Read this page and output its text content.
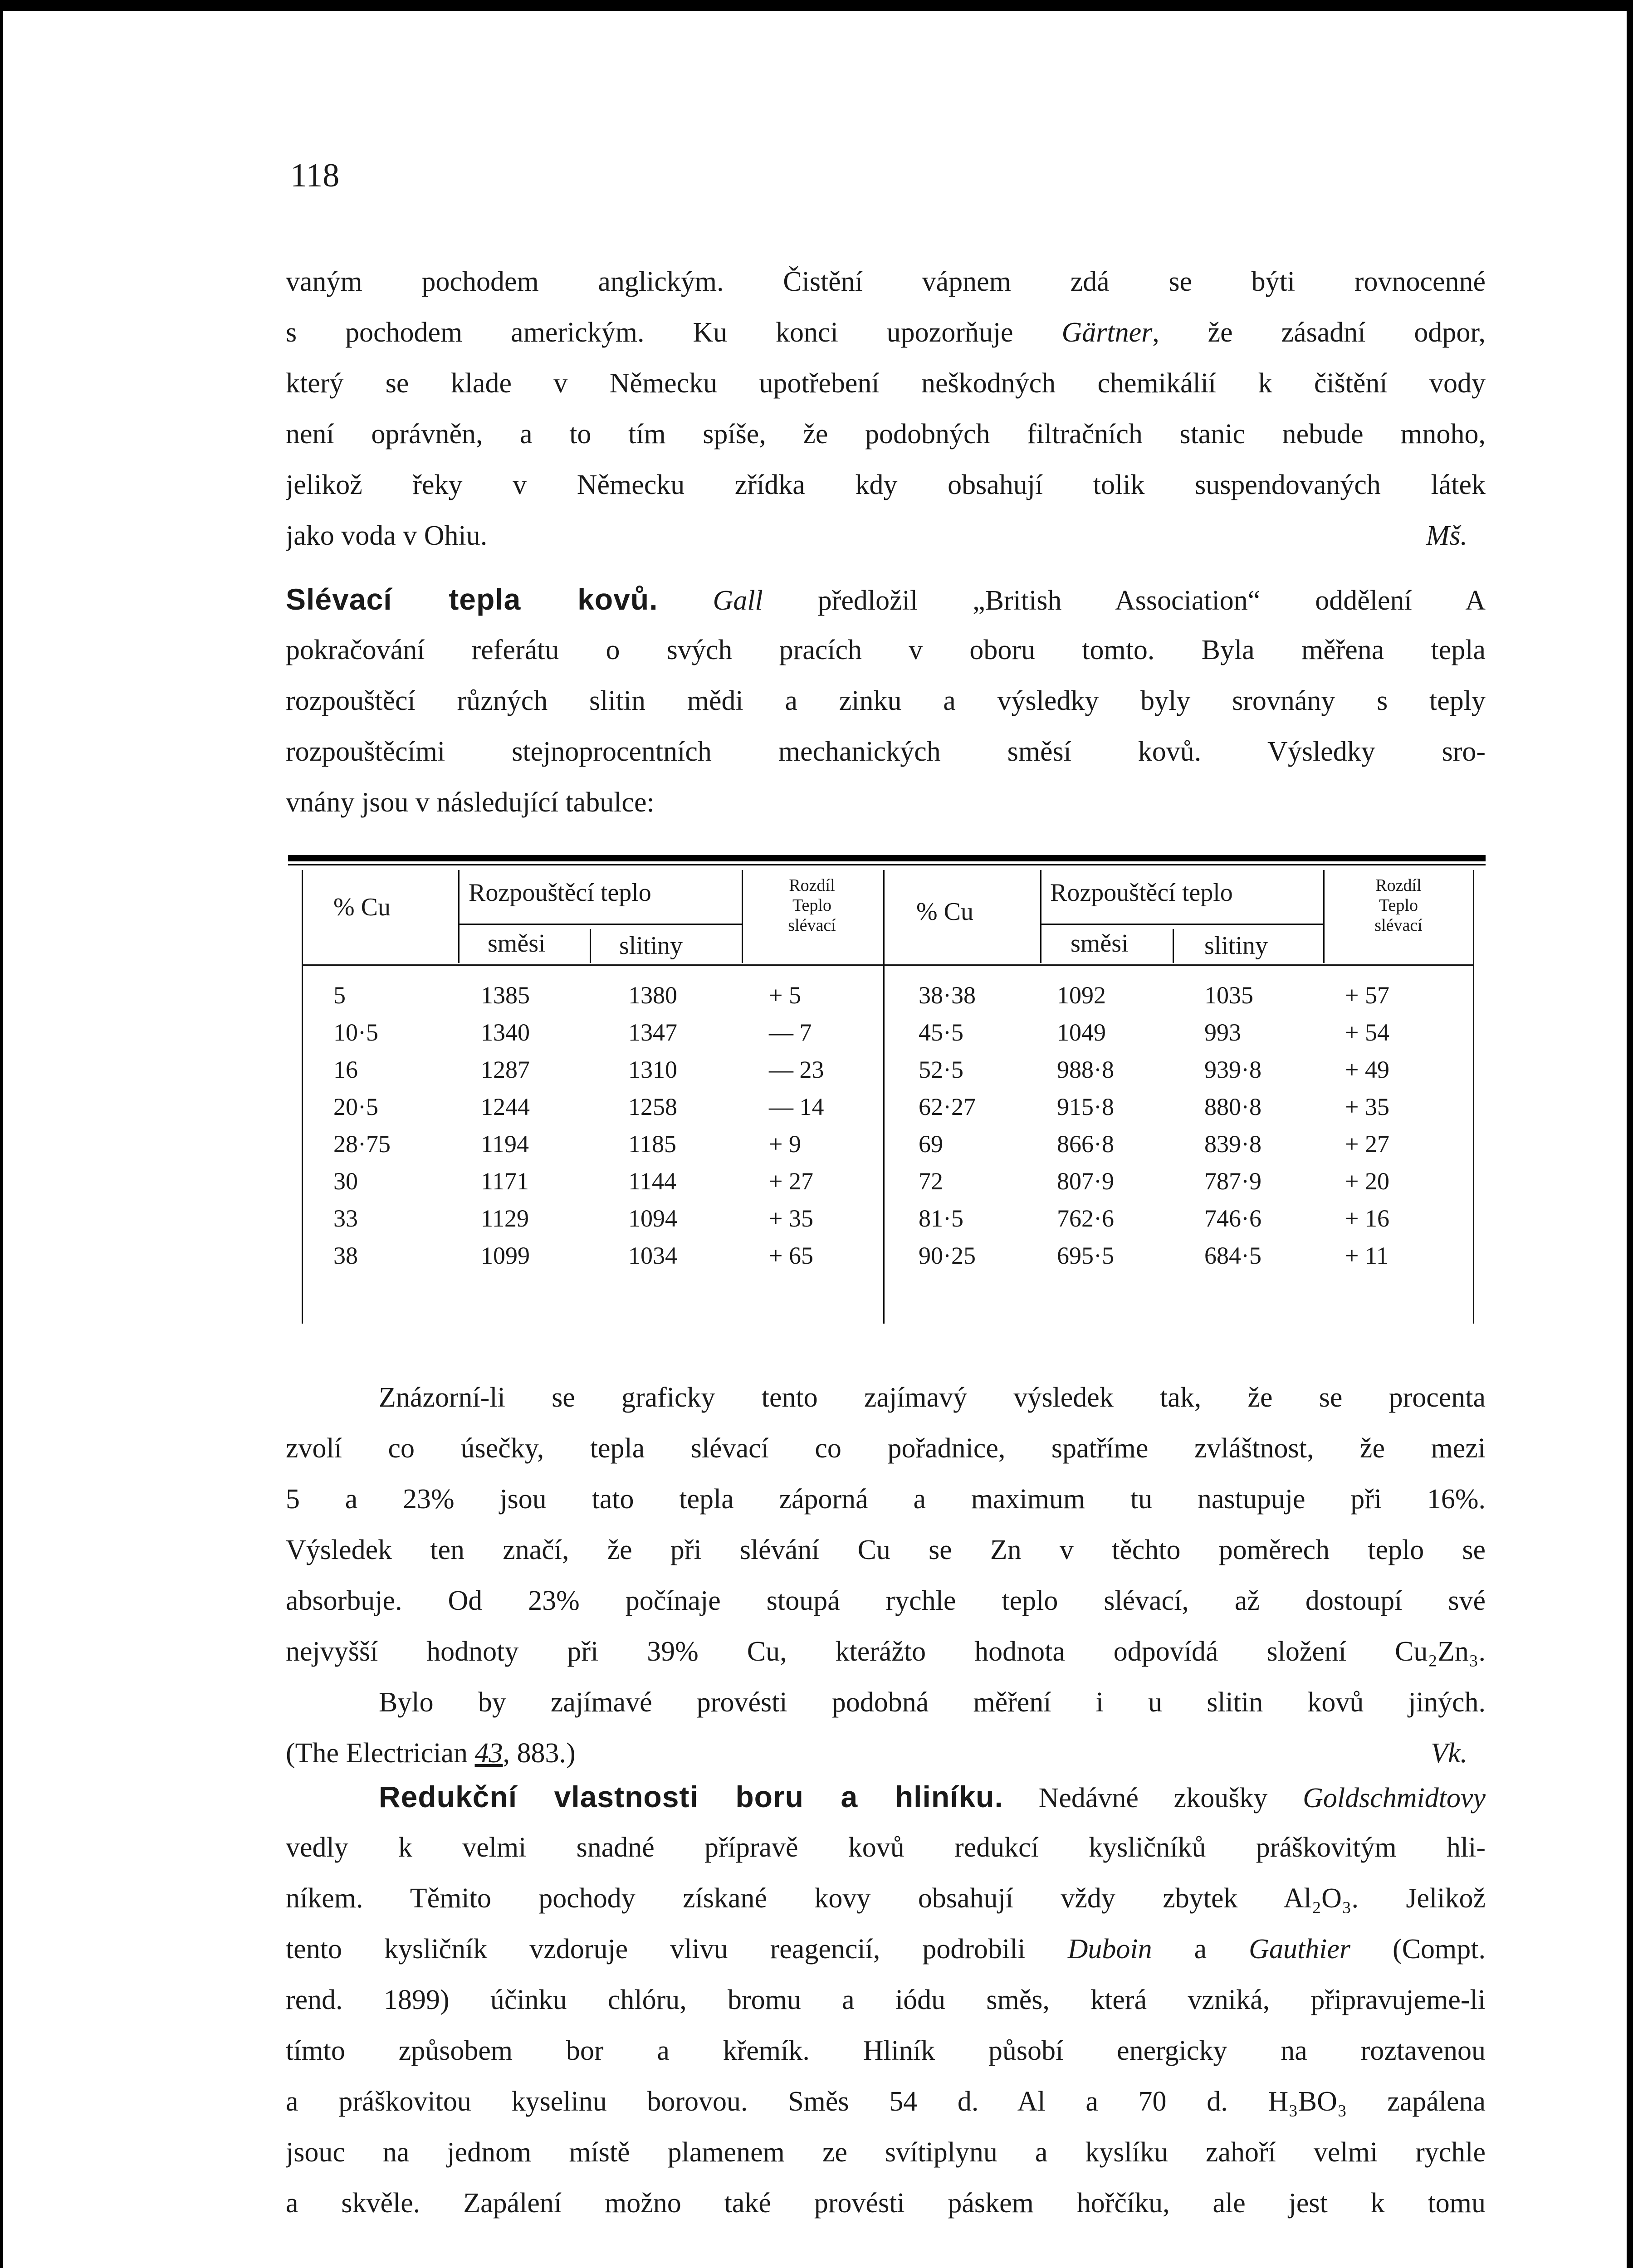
118
vaným pochodem anglickým. Čistění vápnem zdá se býti rovnocenné
s pochodem americkým. Ku konci upozorňuje Gärtner, že zásadní odpor,
který se klade v Německu upotřebení neškodných chemikálií k čištění vody
není oprávněn, a to tím spíše, že podobných filtračních stanic nebude mnoho,
jelikož řeky v Německu zřídka kdy obsahují tolik suspendovaných látek
jako voda v Ohiu.	Mš.
Slévací tepla kovů. Gall předložil „British Association“ oddělení A
pokračování referátu o svých pracích v oboru tomto. Byla měřena tepla
rozpouštěcí různých slitin mědi a zinku a výsledky byly srovnány s teply
rozpouštěcími stejnoprocentních mechanických směsí kovů. Výsledky sro-
vnány jsou v následující tabulce:
% Cu
Rozpouštěcí teplo
směsi	slitiny
Rozdíl
Teplo
slévací	% Cu
Rozpouštěcí teplo
směsi	slitiny
Rozdíl
Teplo
slévací
5	1385	1380	+ 5
10·5	1340	1347	— 7
16	1287	1310	— 23
20·5	1244	1258	— 14
28·75	1194	1185	+ 9
30	1171	1144	+ 27
33	1129	1094	+ 35
38	1099	1034	+ 65
38·38	1092	1035	+ 57
45·5	1049	993	+ 54
52·5	988·8	939·8	+ 49
62·27	915·8	880·8	+ 35
69	866·8	839·8	+ 27
72	807·9	787·9	+ 20
81·5	762·6	746·6	+ 16
90·25	695·5	684·5	+ 11
Znázorní-li se graficky tento zajímavý výsledek tak, že se procenta
zvolí co úsečky, tepla slévací co pořadnice, spatříme zvláštnost, že mezi
5 a 23% jsou tato tepla záporná a maximum tu nastupuje při 16%.
Výsledek ten značí, že při slévání Cu se Zn v těchto poměrech teplo se
absorbuje. Od 23% počínaje stoupá rychle teplo slévací, až dostoupí své
nejvyšší hodnoty při 39% Cu, kterážto hodnota odpovídá složení Cu₂Zn₃.
Bylo by zajímavé provésti podobná měření i u slitin kovů jiných.
(The Electrician 43, 883.)	Vk.
Redukční vlastnosti boru a hliníku. Nedávné zkoušky Goldschmidtovy
vedly k velmi snadné přípravě kovů redukcí kysličníků práškovitým hli-
níkem. Těmito pochody získané kovy obsahují vždy zbytek Al₂O₃. Jelikož
tento kysličník vzdoruje vlivu reagencií, podrobili Duboin a Gauthier (Compt.
rend. 1899) účinku chlóru, bromu a iódu směs, která vzniká, připravujeme-li
tímto způsobem bor a křemík. Hliník působí energicky na roztavenou
a práškovitou kyselinu borovou. Směs 54 d. Al a 70 d. H₃BO₃ zapálena
jsouc na jednom místě plamenem ze svítiplynu a kyslíku zahoří velmi rychle
a skvěle. Zapálení možno také provésti páskem hořčíku, ale jest k tomu
